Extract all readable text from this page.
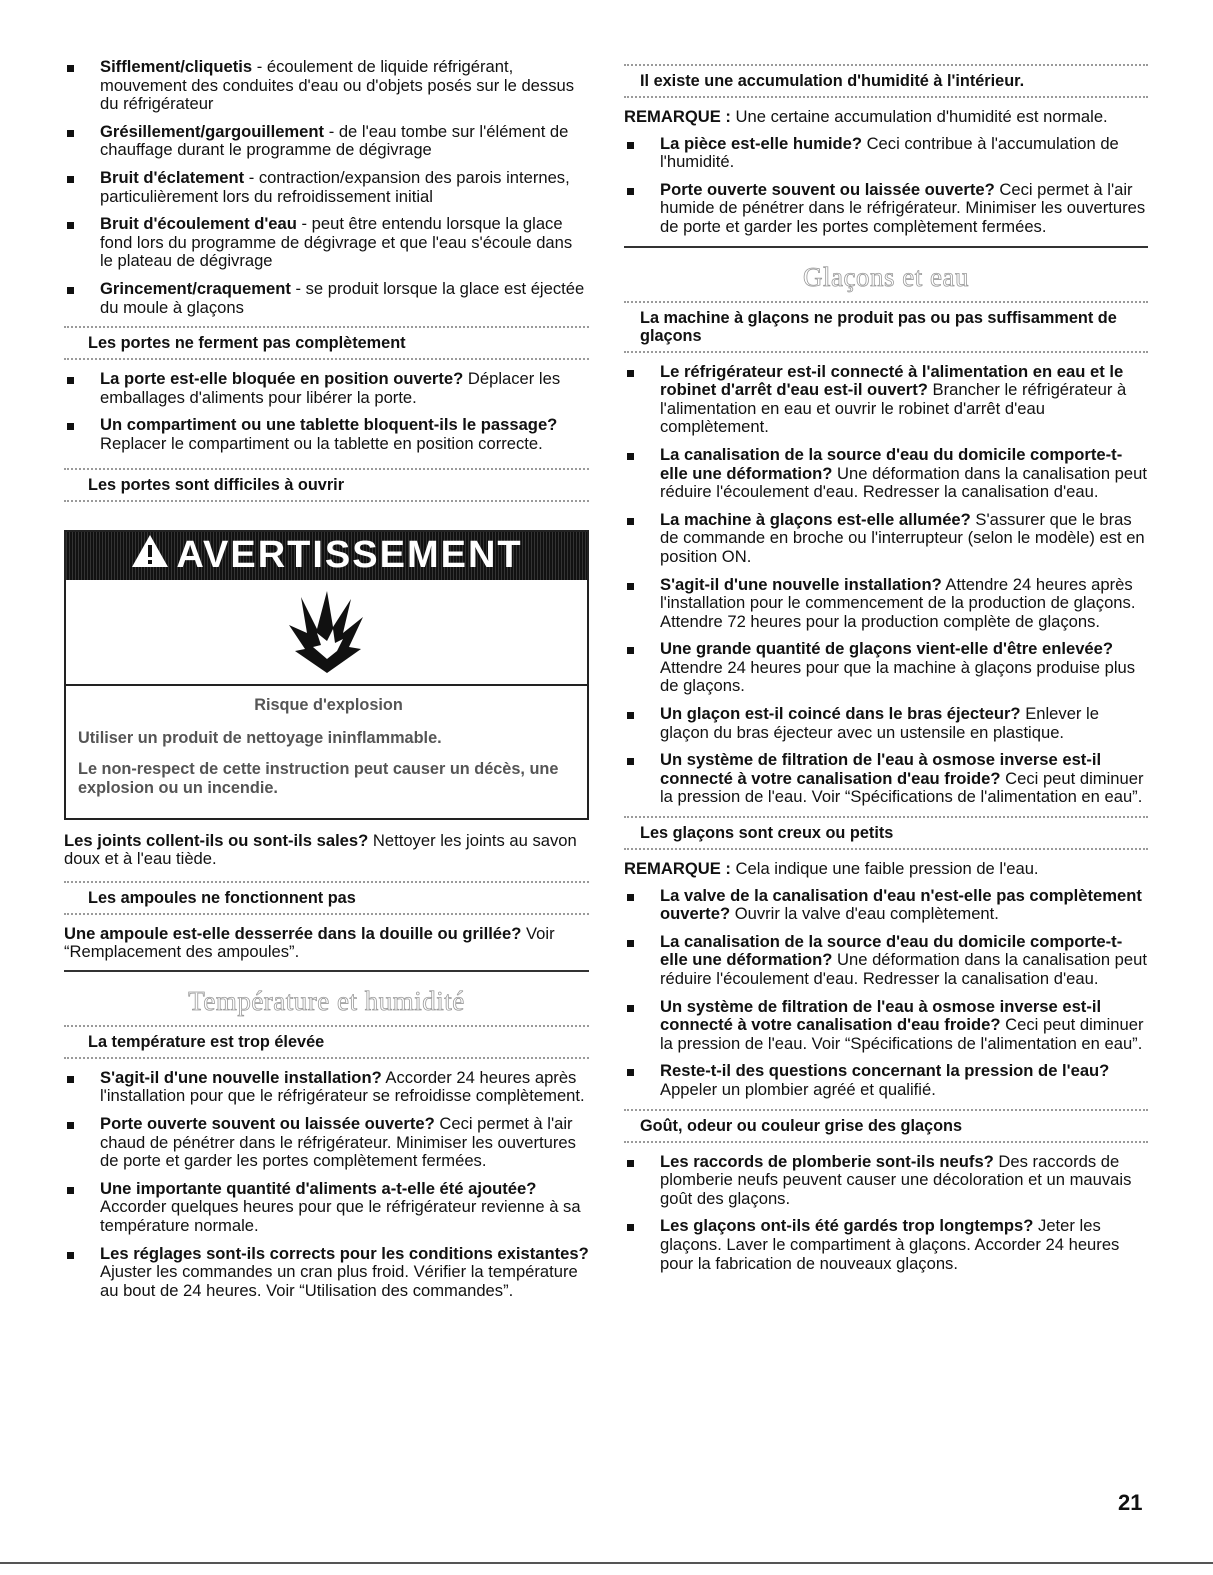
Sifflement/cliquetis - écoulement de liquide réfrigérant, mouvement des conduites d'eau ou d'objets posés sur le dessus du réfrigérateur
Grésillement/gargouillement - de l'eau tombe sur l'élément de chauffage durant le programme de dégivrage
Bruit d'éclatement - contraction/expansion des parois internes, particulièrement lors du refroidissement initial
Bruit d'écoulement d'eau - peut être entendu lorsque la glace fond lors du programme de dégivrage et que l'eau s'écoule dans le plateau de dégivrage
Grincement/craquement - se produit lorsque la glace est éjectée du moule à glaçons
Les portes ne ferment pas complètement
La porte est-elle bloquée en position ouverte? Déplacer les emballages d'aliments pour libérer la porte.
Un compartiment ou une tablette bloquent-ils le passage? Replacer le compartiment ou la tablette en position correcte.
Les portes sont difficiles à ouvrir
AVERTISSEMENT
Risque d'explosion
Utiliser un produit de nettoyage ininflammable.
Le non-respect de cette instruction peut causer un décès, une explosion ou un incendie.

Les joints collent-ils ou sont-ils sales? Nettoyer les joints au savon doux et à l'eau tiède.

Les ampoules ne fonctionnent pas

Une ampoule est-elle desserrée dans la douille ou grillée? Voir “Remplacement des ampoules”.

Température et humidité
La température est trop élevée
S'agit-il d'une nouvelle installation? Accorder 24 heures après l'installation pour que le réfrigérateur se refroidisse complètement.
Porte ouverte souvent ou laissée ouverte? Ceci permet à l'air chaud de pénétrer dans le réfrigérateur. Minimiser les ouvertures de porte et garder les portes complètement fermées.
Une importante quantité d'aliments a-t-elle été ajoutée? Accorder quelques heures pour que le réfrigérateur revienne à sa température normale.
Les réglages sont-ils corrects pour les conditions existantes? Ajuster les commandes un cran plus froid. Vérifier la température au bout de 24 heures. Voir “Utilisation des commandes”.
Il existe une accumulation d'humidité à l'intérieur.

REMARQUE : Une certaine accumulation d'humidité est normale.

La pièce est-elle humide? Ceci contribue à l'accumulation de l'humidité.
Porte ouverte souvent ou laissée ouverte? Ceci permet à l'air humide de pénétrer dans le réfrigérateur. Minimiser les ouvertures de porte et garder les portes complètement fermées.
Glaçons et eau
La machine à glaçons ne produit pas ou pas suffisamment de glaçons
Le réfrigérateur est-il connecté à l'alimentation en eau et le robinet d'arrêt d'eau est-il ouvert? Brancher le réfrigérateur à l'alimentation en eau et ouvrir le robinet d'arrêt d'eau complètement.
La canalisation de la source d'eau du domicile comporte-t-elle une déformation? Une déformation dans la canalisation peut réduire l'écoulement d'eau. Redresser la canalisation d'eau.
La machine à glaçons est-elle allumée? S'assurer que le bras de commande en broche ou l'interrupteur (selon le modèle) est en position ON.
S'agit-il d'une nouvelle installation? Attendre 24 heures après l'installation pour le commencement de la production de glaçons. Attendre 72 heures pour la production complète de glaçons.
Une grande quantité de glaçons vient-elle d'être enlevée? Attendre 24 heures pour que la machine à glaçons produise plus de glaçons.
Un glaçon est-il coincé dans le bras éjecteur? Enlever le glaçon du bras éjecteur avec un ustensile en plastique.
Un système de filtration de l'eau à osmose inverse est-il connecté à votre canalisation d'eau froide? Ceci peut diminuer la pression de l'eau. Voir “Spécifications de l'alimentation en eau”.
Les glaçons sont creux ou petits

REMARQUE : Cela indique une faible pression de l'eau.

La valve de la canalisation d'eau n'est-elle pas complètement ouverte? Ouvrir la valve d'eau complètement.
La canalisation de la source d'eau du domicile comporte-t-elle une déformation? Une déformation dans la canalisation peut réduire l'écoulement d'eau. Redresser la canalisation d'eau.
Un système de filtration de l'eau à osmose inverse est-il connecté à votre canalisation d'eau froide? Ceci peut diminuer la pression de l'eau. Voir “Spécifications de l'alimentation en eau”.
Reste-t-il des questions concernant la pression de l'eau? Appeler un plombier agréé et qualifié.
Goût, odeur ou couleur grise des glaçons
Les raccords de plomberie sont-ils neufs? Des raccords de plomberie neufs peuvent causer une décoloration et un mauvais goût des glaçons.
Les glaçons ont-ils été gardés trop longtemps? Jeter les glaçons. Laver le compartiment à glaçons. Accorder 24 heures pour la fabrication de nouveaux glaçons.
21
